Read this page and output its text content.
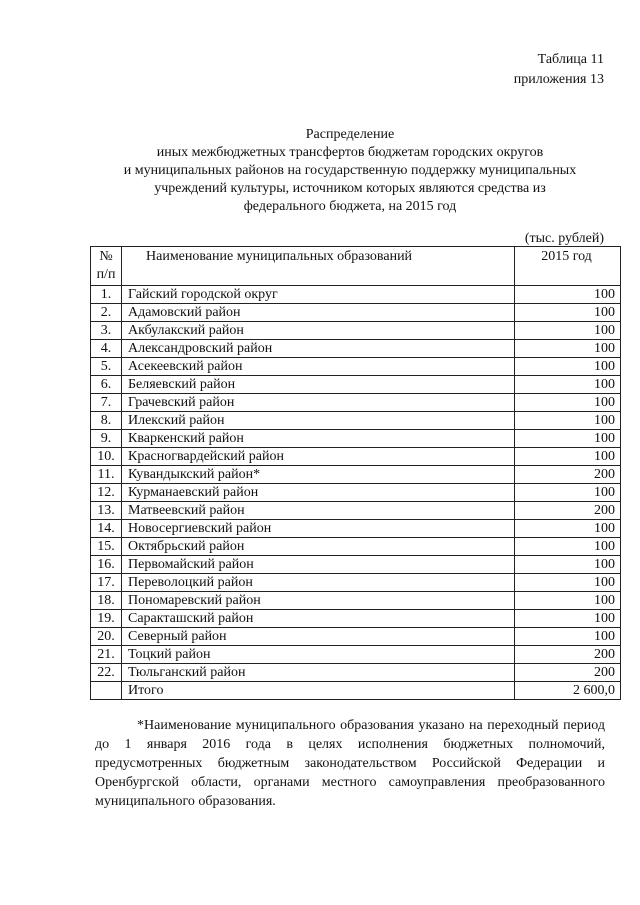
Таблица 11
приложения 13
Распределение
иных межбюджетных трансфертов бюджетам городских округов
и муниципальных районов на государственную поддержку муниципальных
учреждений культуры, источником которых являются средства из
федерального бюджета, на 2015 год
(тыс. рублей)
№
п/п	Наименование муниципальных образований	2015 год
1.	Гайский городской округ	100
2.	Адамовский район	100
3.	Акбулакский район	100
4.	Александровский район	100
5.	Асекеевский район	100
6.	Беляевский район	100
7.	Грачевский район	100
8.	Илекский район	100
9.	Кваркенский район	100
10.	Красногвардейский район	100
11.	Кувандыкский район*	200
12.	Курманаевский район	100
13.	Матвеевский район	200
14.	Новосергиевский район	100
15.	Октябрьский район	100
16.	Первомайский район	100
17.	Переволоцкий район	100
18.	Пономаревский район	100
19.	Саракташский район	100
20.	Северный район	100
21.	Тоцкий район	200
22.	Тюльганский район	200
	Итого	2 600,0
*Наименование муниципального образования указано на переходный период до 1 января 2016 года в целях исполнения бюджетных полномочий, предусмотренных бюджетным законодательством Российской Федерации и Оренбургской области, органами местного самоуправления преобразованного муниципального образования.
